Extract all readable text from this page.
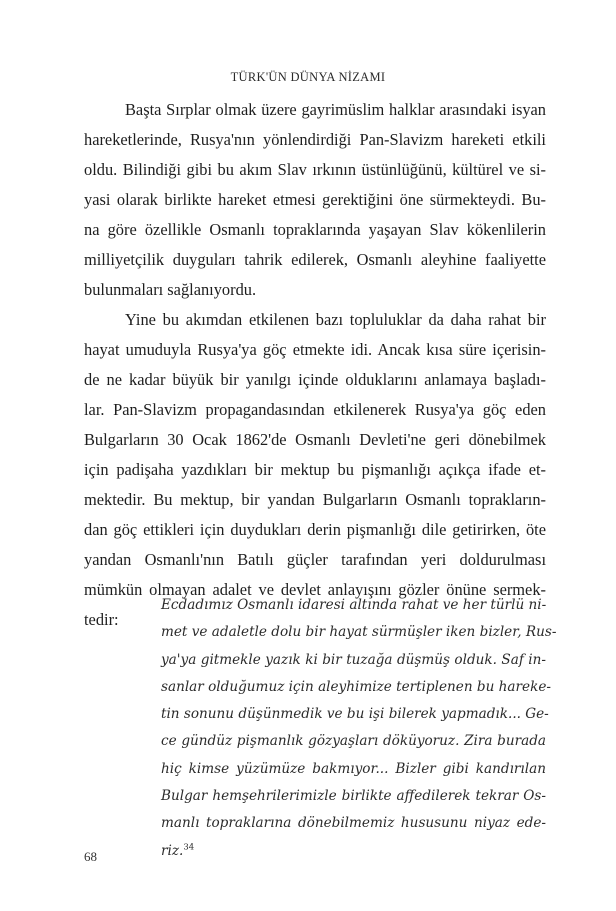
TÜRK'ÜN DÜNYA NİZAMI
Başta Sırplar olmak üzere gayrimüslim halklar arasındaki isyan
hareketlerinde, Rusya'nın yönlendirdiği Pan-Slavizm hareketi etkili
oldu. Bilindiği gibi bu akım Slav ırkının üstünlüğünü, kültürel ve si-
yasi olarak birlikte hareket etmesi gerektiğini öne sürmekteydi. Bu-
na göre özellikle Osmanlı topraklarında yaşayan Slav kökenlilerin
milliyetçilik duyguları tahrik edilerek, Osmanlı aleyhine faaliyette
bulunmaları sağlanıyordu.
Yine bu akımdan etkilenen bazı topluluklar da daha rahat bir
hayat umuduyla Rusya'ya göç etmekte idi. Ancak kısa süre içerisin-
de ne kadar büyük bir yanılgı içinde olduklarını anlamaya başladı-
lar. Pan-Slavizm propagandasından etkilenerek Rusya'ya göç eden
Bulgarların 30 Ocak 1862'de Osmanlı Devleti'ne geri dönebilmek
için padişaha yazdıkları bir mektup bu pişmanlığı açıkça ifade et-
mektedir. Bu mektup, bir yandan Bulgarların Osmanlı toprakların-
dan göç ettikleri için duydukları derin pişmanlığı dile getirirken, öte
yandan Osmanlı'nın Batılı güçler tarafından yeri doldurulması
mümkün olmayan adalet ve devlet anlayışını gözler önüne sermek-
tedir:
Ecdadımız Osmanlı idaresi altında rahat ve her türlü ni-
met ve adaletle dolu bir hayat sürmüşler iken bizler, Rus-
ya'ya gitmekle yazık ki bir tuzağa düşmüş olduk. Saf in-
sanlar olduğumuz için aleyhimize tertiplenen bu hareke-
tin sonunu düşünmedik ve bu işi bilerek yapmadık... Ge-
ce gündüz pişmanlık gözyaşları döküyoruz. Zira burada
hiç kimse yüzümüze bakmıyor... Bizler gibi kandırılan
Bulgar hemşehrilerimizle birlikte affedilerek tekrar Os-
manlı topraklarına dönebilmemiz hususunu niyaz ede-
riz.$^{34}$
68
